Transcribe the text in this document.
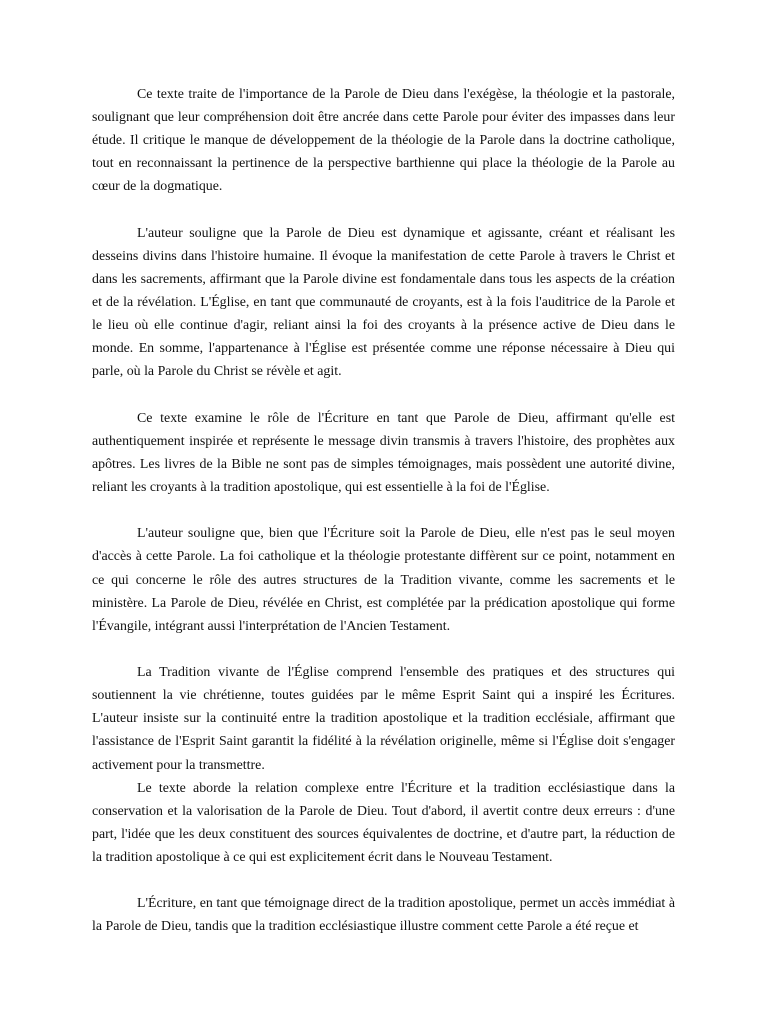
Ce texte traite de l'importance de la Parole de Dieu dans l'exégèse, la théologie et la pastorale, soulignant que leur compréhension doit être ancrée dans cette Parole pour éviter des impasses dans leur étude. Il critique le manque de développement de la théologie de la Parole dans la doctrine catholique, tout en reconnaissant la pertinence de la perspective barthienne qui place la théologie de la Parole au cœur de la dogmatique.

L'auteur souligne que la Parole de Dieu est dynamique et agissante, créant et réalisant les desseins divins dans l'histoire humaine. Il évoque la manifestation de cette Parole à travers le Christ et dans les sacrements, affirmant que la Parole divine est fondamentale dans tous les aspects de la création et de la révélation. L'Église, en tant que communauté de croyants, est à la fois l'auditrice de la Parole et le lieu où elle continue d'agir, reliant ainsi la foi des croyants à la présence active de Dieu dans le monde. En somme, l'appartenance à l'Église est présentée comme une réponse nécessaire à Dieu qui parle, où la Parole du Christ se révèle et agit.

Ce texte examine le rôle de l'Écriture en tant que Parole de Dieu, affirmant qu'elle est authentiquement inspirée et représente le message divin transmis à travers l'histoire, des prophètes aux apôtres. Les livres de la Bible ne sont pas de simples témoignages, mais possèdent une autorité divine, reliant les croyants à la tradition apostolique, qui est essentielle à la foi de l'Église.

L'auteur souligne que, bien que l'Écriture soit la Parole de Dieu, elle n'est pas le seul moyen d'accès à cette Parole. La foi catholique et la théologie protestante diffèrent sur ce point, notamment en ce qui concerne le rôle des autres structures de la Tradition vivante, comme les sacrements et le ministère. La Parole de Dieu, révélée en Christ, est complétée par la prédication apostolique qui forme l'Évangile, intégrant aussi l'interprétation de l'Ancien Testament.

La Tradition vivante de l'Église comprend l'ensemble des pratiques et des structures qui soutiennent la vie chrétienne, toutes guidées par le même Esprit Saint qui a inspiré les Écritures. L'auteur insiste sur la continuité entre la tradition apostolique et la tradition ecclésiale, affirmant que l'assistance de l'Esprit Saint garantit la fidélité à la révélation originelle, même si l'Église doit s'engager activement pour la transmettre.

Le texte aborde la relation complexe entre l'Écriture et la tradition ecclésiastique dans la conservation et la valorisation de la Parole de Dieu. Tout d'abord, il avertit contre deux erreurs : d'une part, l'idée que les deux constituent des sources équivalentes de doctrine, et d'autre part, la réduction de la tradition apostolique à ce qui est explicitement écrit dans le Nouveau Testament.

L'Écriture, en tant que témoignage direct de la tradition apostolique, permet un accès immédiat à la Parole de Dieu, tandis que la tradition ecclésiastique illustre comment cette Parole a été reçue et
